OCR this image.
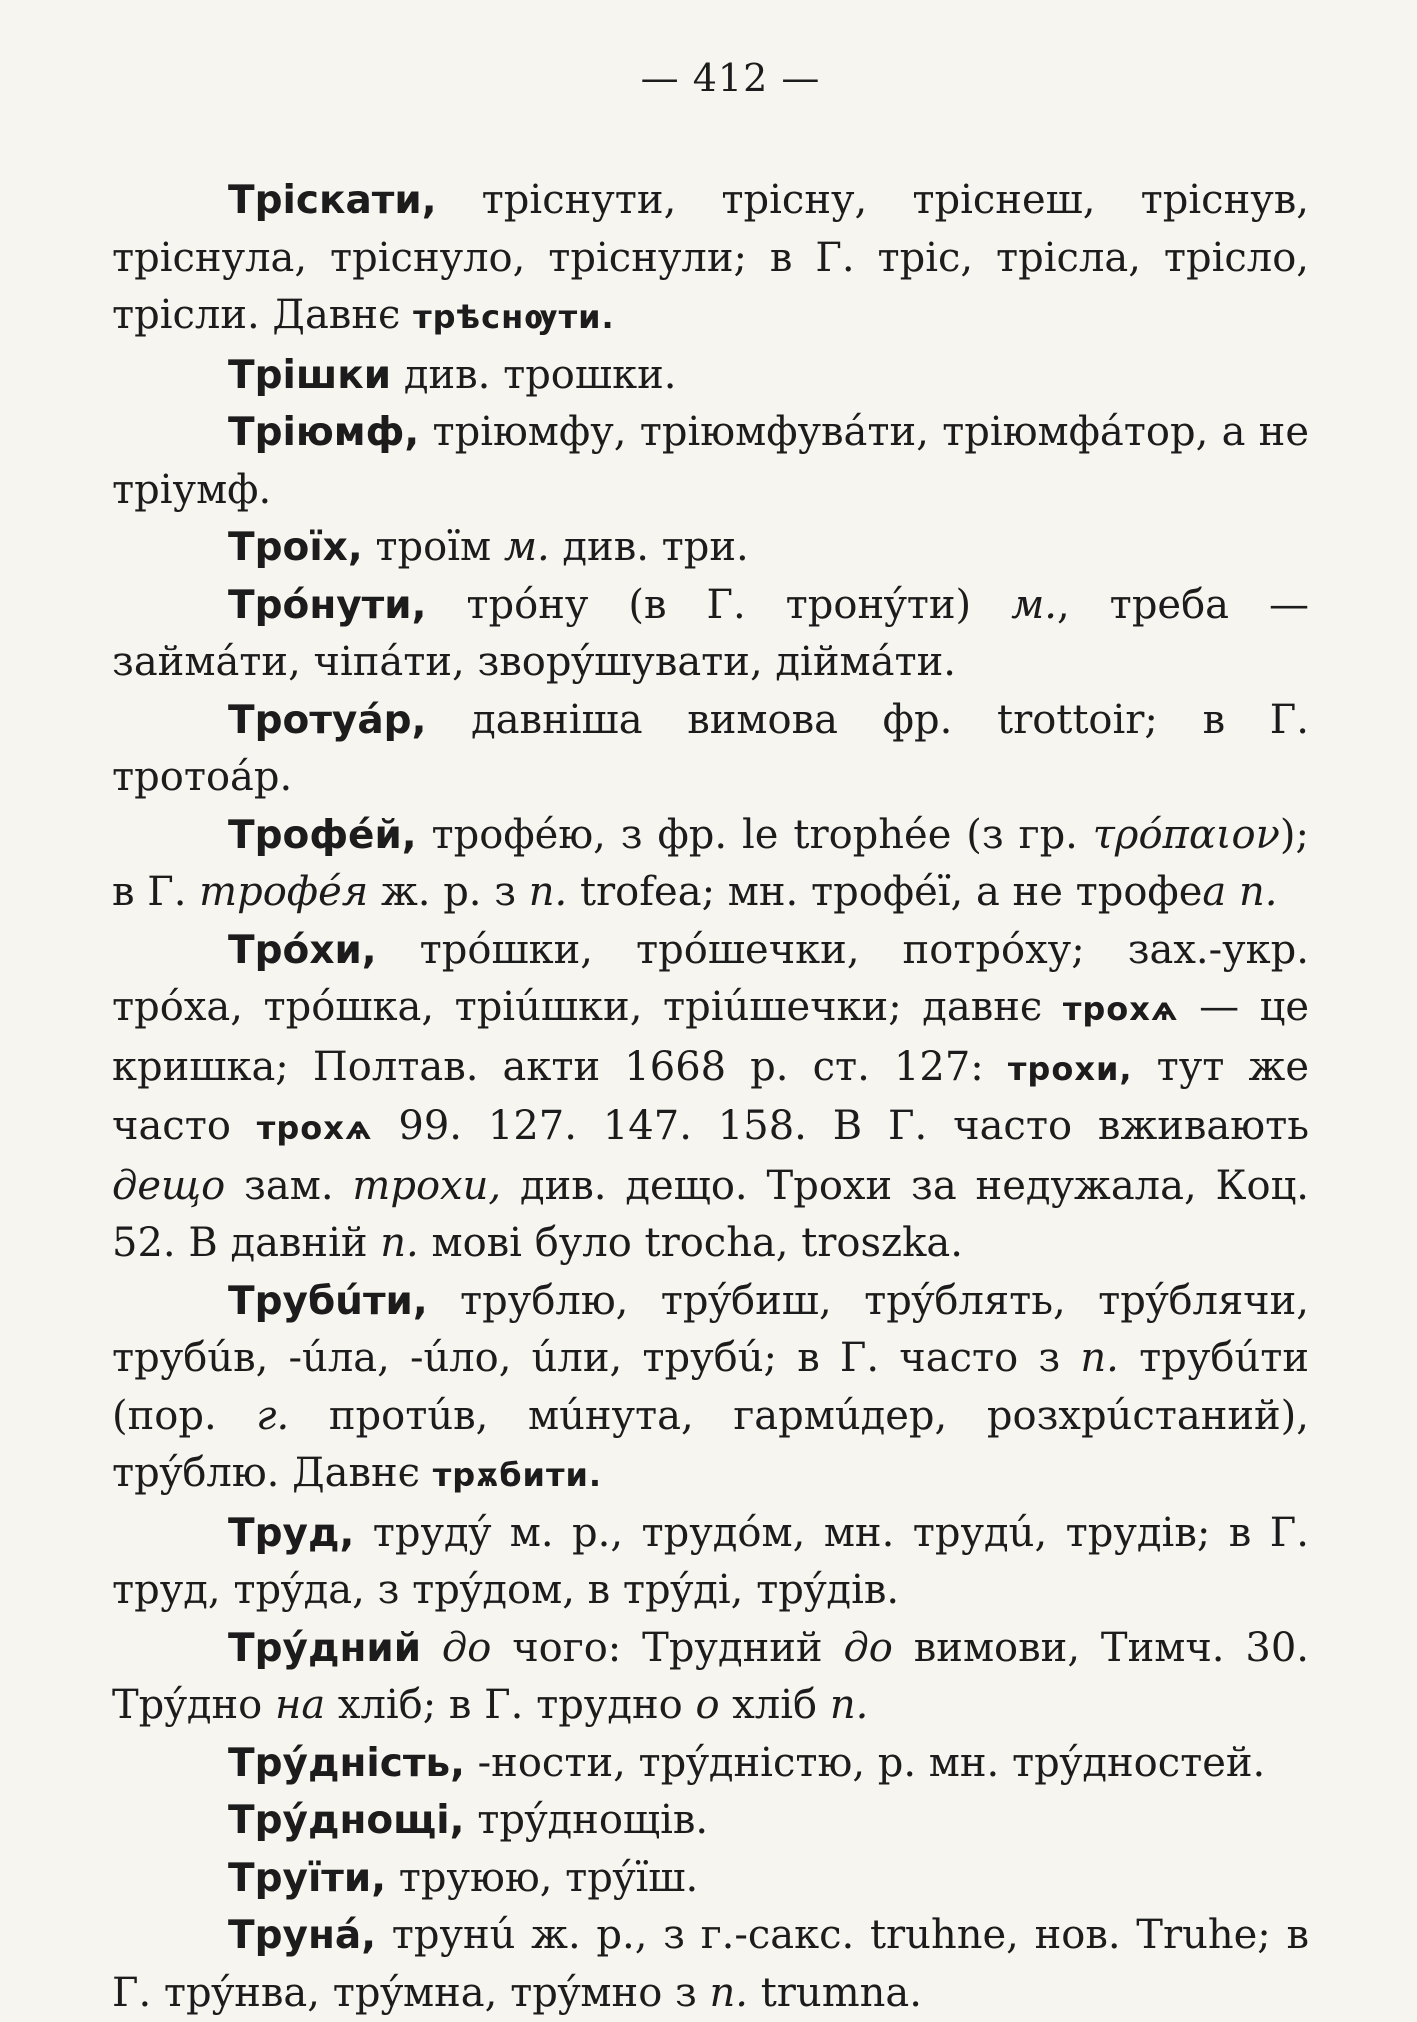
— 412 —

Тріскати, тріснути, трісну, тріснеш, тріснув, тріснула, тріснуло, тріснули; в Г. тріс, трісла, трісло, трісли. Давнє трѣснѹти.

Трішки див. трошки.

Тріюмф, тріюмфу, тріюмфувáти, тріюмфáтор, а не тріумф.

Троїх, троїм м. див. три.

Трóнути, трóну (в Г. тронýти) м., треба — займáти, чіпáти, зворýшувати, діймáти.

Тротуáр, давніша вимова фр. trottoir; в Г. тротоáр.

Трофéй, трофéю, з фр. le trophée (з гр. τρόπαιον); в Г. трофéя ж. р. з п. trofea; мн. трофéї, а не трофеа п.

Трóхи, трóшки, трóшечки, потрóху; зах.-укр. трóха, трóшка, тріúшки, тріúшечки; давнє трохѧ — це кришка; Полтав. акти 1668 р. ст. 127: трохи, тут же часто трохѧ 99. 127. 147. 158. В Г. часто вживають дещо зам. трохи, див. дещо. Трохи за недужала, Коц. 52. В давній п. мові було trocha, troszka.

Трубúти, трублю, трýбиш, трýблять, трýблячи, трубúв, -úла, -úло, úли, трубú; в Г. часто з п. трубúти (пор. г. протúв, мúнута, гармúдер, розхрúстаний), трýблю. Давнє трѫбити.

Труд, трудý м. р., трудóм, мн. трудú, трудів; в Г. труд, трýда, з трýдом, в трýді, трýдів.

Трýдний до чого: Трудний до вимови, Тимч. 30. Трýдно на хліб; в Г. трудно о хліб п.

Трýдність, -ности, трýдністю, р. мн. трýдностей.

Трýднощі, трýднощів.

Труїти, труюю, трýїш.

Трунá, трунú ж. р., з г.-сакс. truhne, нов. Truhe; в Г. трýнва, трýмна, трýмно з п. trumna.
